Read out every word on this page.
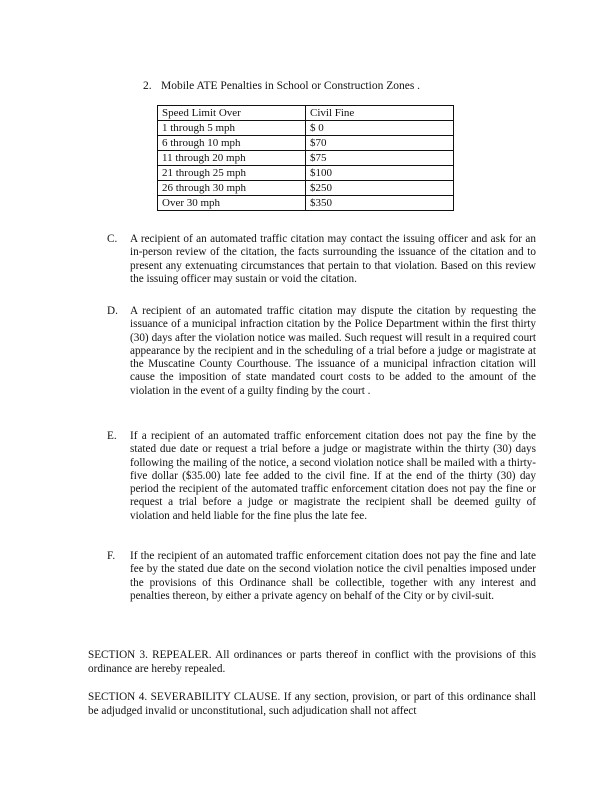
2. Mobile ATE Penalties in School or Construction Zones .
Speed Limit Over	Civil Fine
1 through 5 mph	$ 0
6 through 10 mph	$70
11 through 20 mph	$75
21 through 25 mph	$100
26 through 30 mph	$250
Over 30 mph	$350
C. A recipient of an automated traffic citation may contact the issuing officer and ask for an in-person review of the citation, the facts surrounding the issuance of the citation and to present any extenuating circumstances that pertain to that violation. Based on this review the issuing officer may sustain or void the citation.
D. A recipient of an automated traffic citation may dispute the citation by requesting the issuance of a municipal infraction citation by the Police Department within the first thirty (30) days after the violation notice was mailed. Such request will result in a required court appearance by the recipient and in the scheduling of a trial before a judge or magistrate at the Muscatine County Courthouse. The issuance of a municipal infraction citation will cause the imposition of state mandated court costs to be added to the amount of the violation in the event of a guilty finding by the court .
E. If a recipient of an automated traffic enforcement citation does not pay the fine by the stated due date or request a trial before a judge or magistrate within the thirty (30) days following the mailing of the notice, a second violation notice shall be mailed with a thirty-five dollar ($35.00) late fee added to the civil fine. If at the end of the thirty (30) day period the recipient of the automated traffic enforcement citation does not pay the fine or request a trial before a judge or magistrate the recipient shall be deemed guilty of violation and held liable for the fine plus the late fee.
F. If the recipient of an automated traffic enforcement citation does not pay the fine and late fee by the stated due date on the second violation notice the civil penalties imposed under the provisions of this Ordinance shall be collectible, together with any interest and penalties thereon, by either a private agency on behalf of the City or by civil-suit.
SECTION 3. REPEALER. All ordinances or parts thereof in conflict with the provisions of this ordinance are hereby repealed.
SECTION 4. SEVERABILITY CLAUSE. If any section, provision, or part of this ordinance shall be adjudged invalid or unconstitutional, such adjudication shall not affect
